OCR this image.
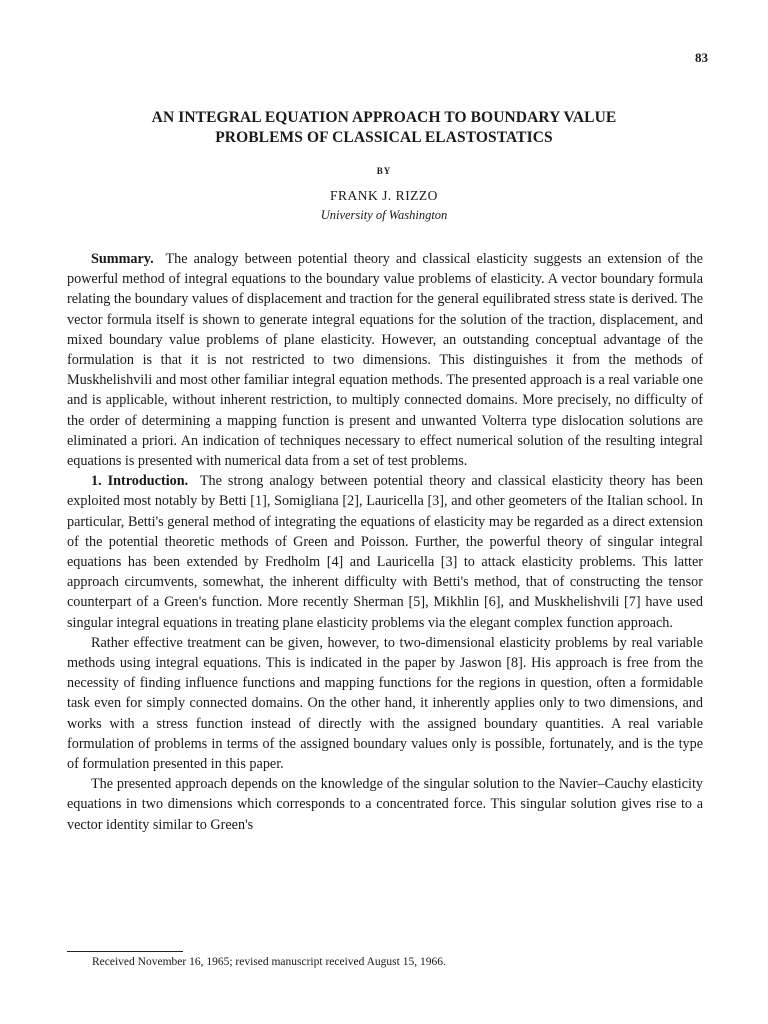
83
AN INTEGRAL EQUATION APPROACH TO BOUNDARY VALUE
PROBLEMS OF CLASSICAL ELASTOSTATICS
BY
FRANK J. RIZZO
University of Washington

Summary. The analogy between potential theory and classical elasticity suggests an extension of the powerful method of integral equations to the boundary value problems of elasticity. A vector boundary formula relating the boundary values of displacement and traction for the general equilibrated stress state is derived. The vector formula itself is shown to generate integral equations for the solution of the traction, displacement, and mixed boundary value problems of plane elasticity. However, an outstanding conceptual advantage of the formulation is that it is not restricted to two dimensions. This distinguishes it from the methods of Muskhelishvili and most other familiar integral equation methods. The presented approach is a real variable one and is applicable, without inherent restriction, to multiply connected domains. More precisely, no difficulty of the order of determining a mapping function is present and unwanted Volterra type dislocation solutions are eliminated a priori. An indication of techniques necessary to effect numerical solution of the resulting integral equations is presented with numerical data from a set of test problems.

1. Introduction. The strong analogy between potential theory and classical elasticity theory has been exploited most notably by Betti [1], Somigliana [2], Lauricella [3], and other geometers of the Italian school. In particular, Betti's general method of integrating the equations of elasticity may be regarded as a direct extension of the potential theoretic methods of Green and Poisson. Further, the powerful theory of singular integral equations has been extended by Fredholm [4] and Lauricella [3] to attack elasticity problems. This latter approach circumvents, somewhat, the inherent difficulty with Betti's method, that of constructing the tensor counterpart of a Green's function. More recently Sherman [5], Mikhlin [6], and Muskhelishvili [7] have used singular integral equations in treating plane elasticity problems via the elegant complex function approach.

Rather effective treatment can be given, however, to two-dimensional elasticity problems by real variable methods using integral equations. This is indicated in the paper by Jaswon [8]. His approach is free from the necessity of finding influence functions and mapping functions for the regions in question, often a formidable task even for simply connected domains. On the other hand, it inherently applies only to two dimensions, and works with a stress function instead of directly with the assigned boundary quantities. A real variable formulation of problems in terms of the assigned boundary values only is possible, fortunately, and is the type of formulation presented in this paper.

The presented approach depends on the knowledge of the singular solution to the Navier–Cauchy elasticity equations in two dimensions which corresponds to a concentrated force. This singular solution gives rise to a vector identity similar to Green's

Received November 16, 1965; revised manuscript received August 15, 1966.
